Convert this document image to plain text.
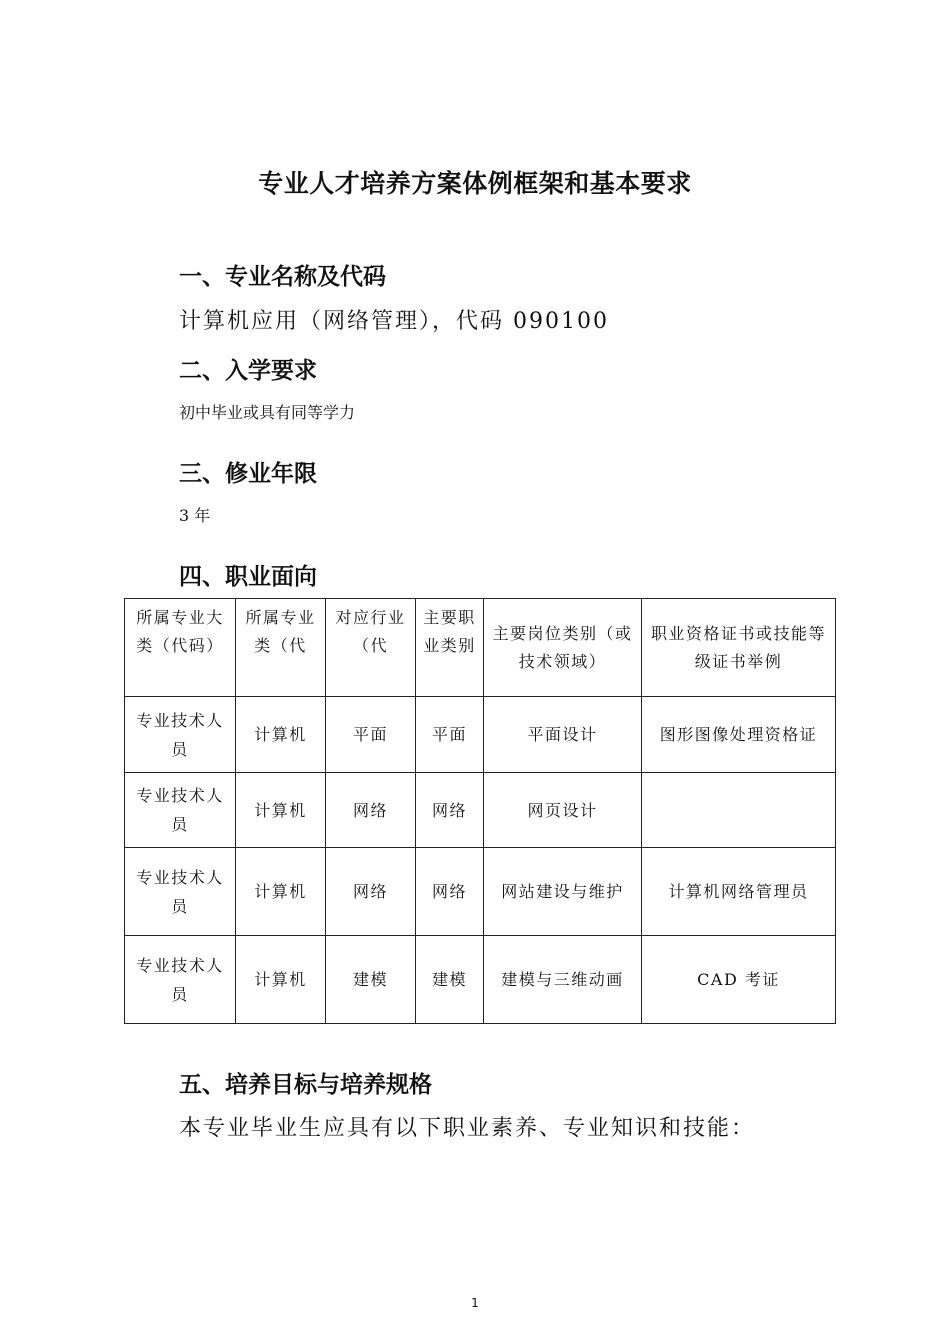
专业人才培养方案体例框架和基本要求
一、专业名称及代码

计算机应用（网络管理），代码 090100

二、入学要求

初中毕业或具有同等学力

三、修业年限

3 年

四、职业面向
所属专业大类（代码）	所属专业类（代	对应行业（代	主要职业类别	主要岗位类别（或技术领域）	职业资格证书或技能等级证书举例

专业技术人员	计算机	平面	平面	平面设计	图形图像处理资格证
专业技术人员	计算机	网络	网络	网页设计	
专业技术人员	计算机	网络	网络	网站建设与维护	计算机网络管理员
专业技术人员	计算机	建模	建模	建模与三维动画	CAD 考证
五、培养目标与培养规格

本专业毕业生应具有以下职业素养、专业知识和技能：

1
